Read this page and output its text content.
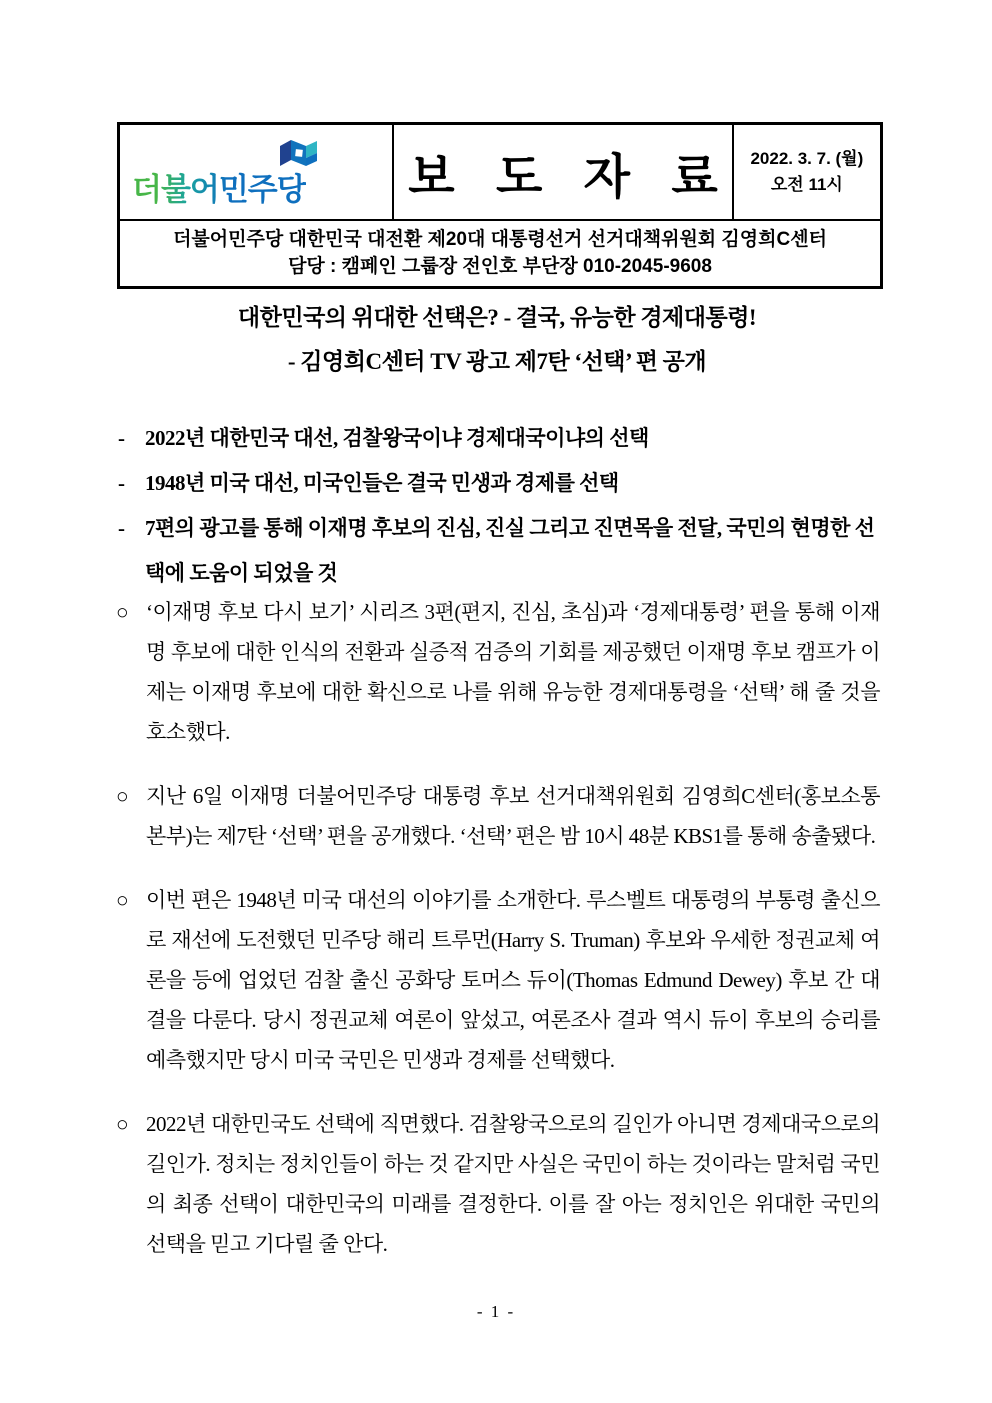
더불어민주당 보 도 자 료 2022. 3. 7. (월)
오전 11시
더불어민주당 대한민국 대전환 제20대 대통령선거 선거대책위원회 김영희C센터
담당 : 캠페인 그룹장 전인호 부단장 010-2045-9608
대한민국의 위대한 선택은? - 결국, 유능한 경제대통령!
- 김영희C센터 TV 광고 제7탄 ‘선택’ 편 공개
- 2022년 대한민국 대선, 검찰왕국이냐 경제대국이냐의 선택
- 1948년 미국 대선, 미국인들은 결국 민생과 경제를 선택
- 7편의 광고를 통해 이재명 후보의 진심, 진실 그리고 진면목을 전달, 국민의 현명한 선택에 도움이 되었을 것
○ ‘이재명 후보 다시 보기’ 시리즈 3편(편지, 진심, 초심)과 ‘경제대통령’ 편을 통해 이재명 후보에 대한 인식의 전환과 실증적 검증의 기회를 제공했던 이재명 후보 캠프가 이제는 이재명 후보에 대한 확신으로 나를 위해 유능한 경제대통령을 ‘선택’ 해 줄 것을 호소했다.
○ 지난 6일 이재명 더불어민주당 대통령 후보 선거대책위원회 김영희C센터(홍보소통본부)는 제7탄 ‘선택’ 편을 공개했다. ‘선택’ 편은 밤 10시 48분 KBS1를 통해 송출됐다.
○ 이번 편은 1948년 미국 대선의 이야기를 소개한다. 루스벨트 대통령의 부통령 출신으로 재선에 도전했던 민주당 해리 트루먼(Harry S. Truman) 후보와 우세한 정권교체 여론을 등에 업었던 검찰 출신 공화당 토머스 듀이(Thomas Edmund Dewey) 후보 간 대결을 다룬다. 당시 정권교체 여론이 앞섰고, 여론조사 결과 역시 듀이 후보의 승리를 예측했지만 당시 미국 국민은 민생과 경제를 선택했다.
○ 2022년 대한민국도 선택에 직면했다. 검찰왕국으로의 길인가 아니면 경제대국으로의 길인가. 정치는 정치인들이 하는 것 같지만 사실은 국민이 하는 것이라는 말처럼 국민의 최종 선택이 대한민국의 미래를 결정한다. 이를 잘 아는 정치인은 위대한 국민의 선택을 믿고 기다릴 줄 안다.
- 1 -
